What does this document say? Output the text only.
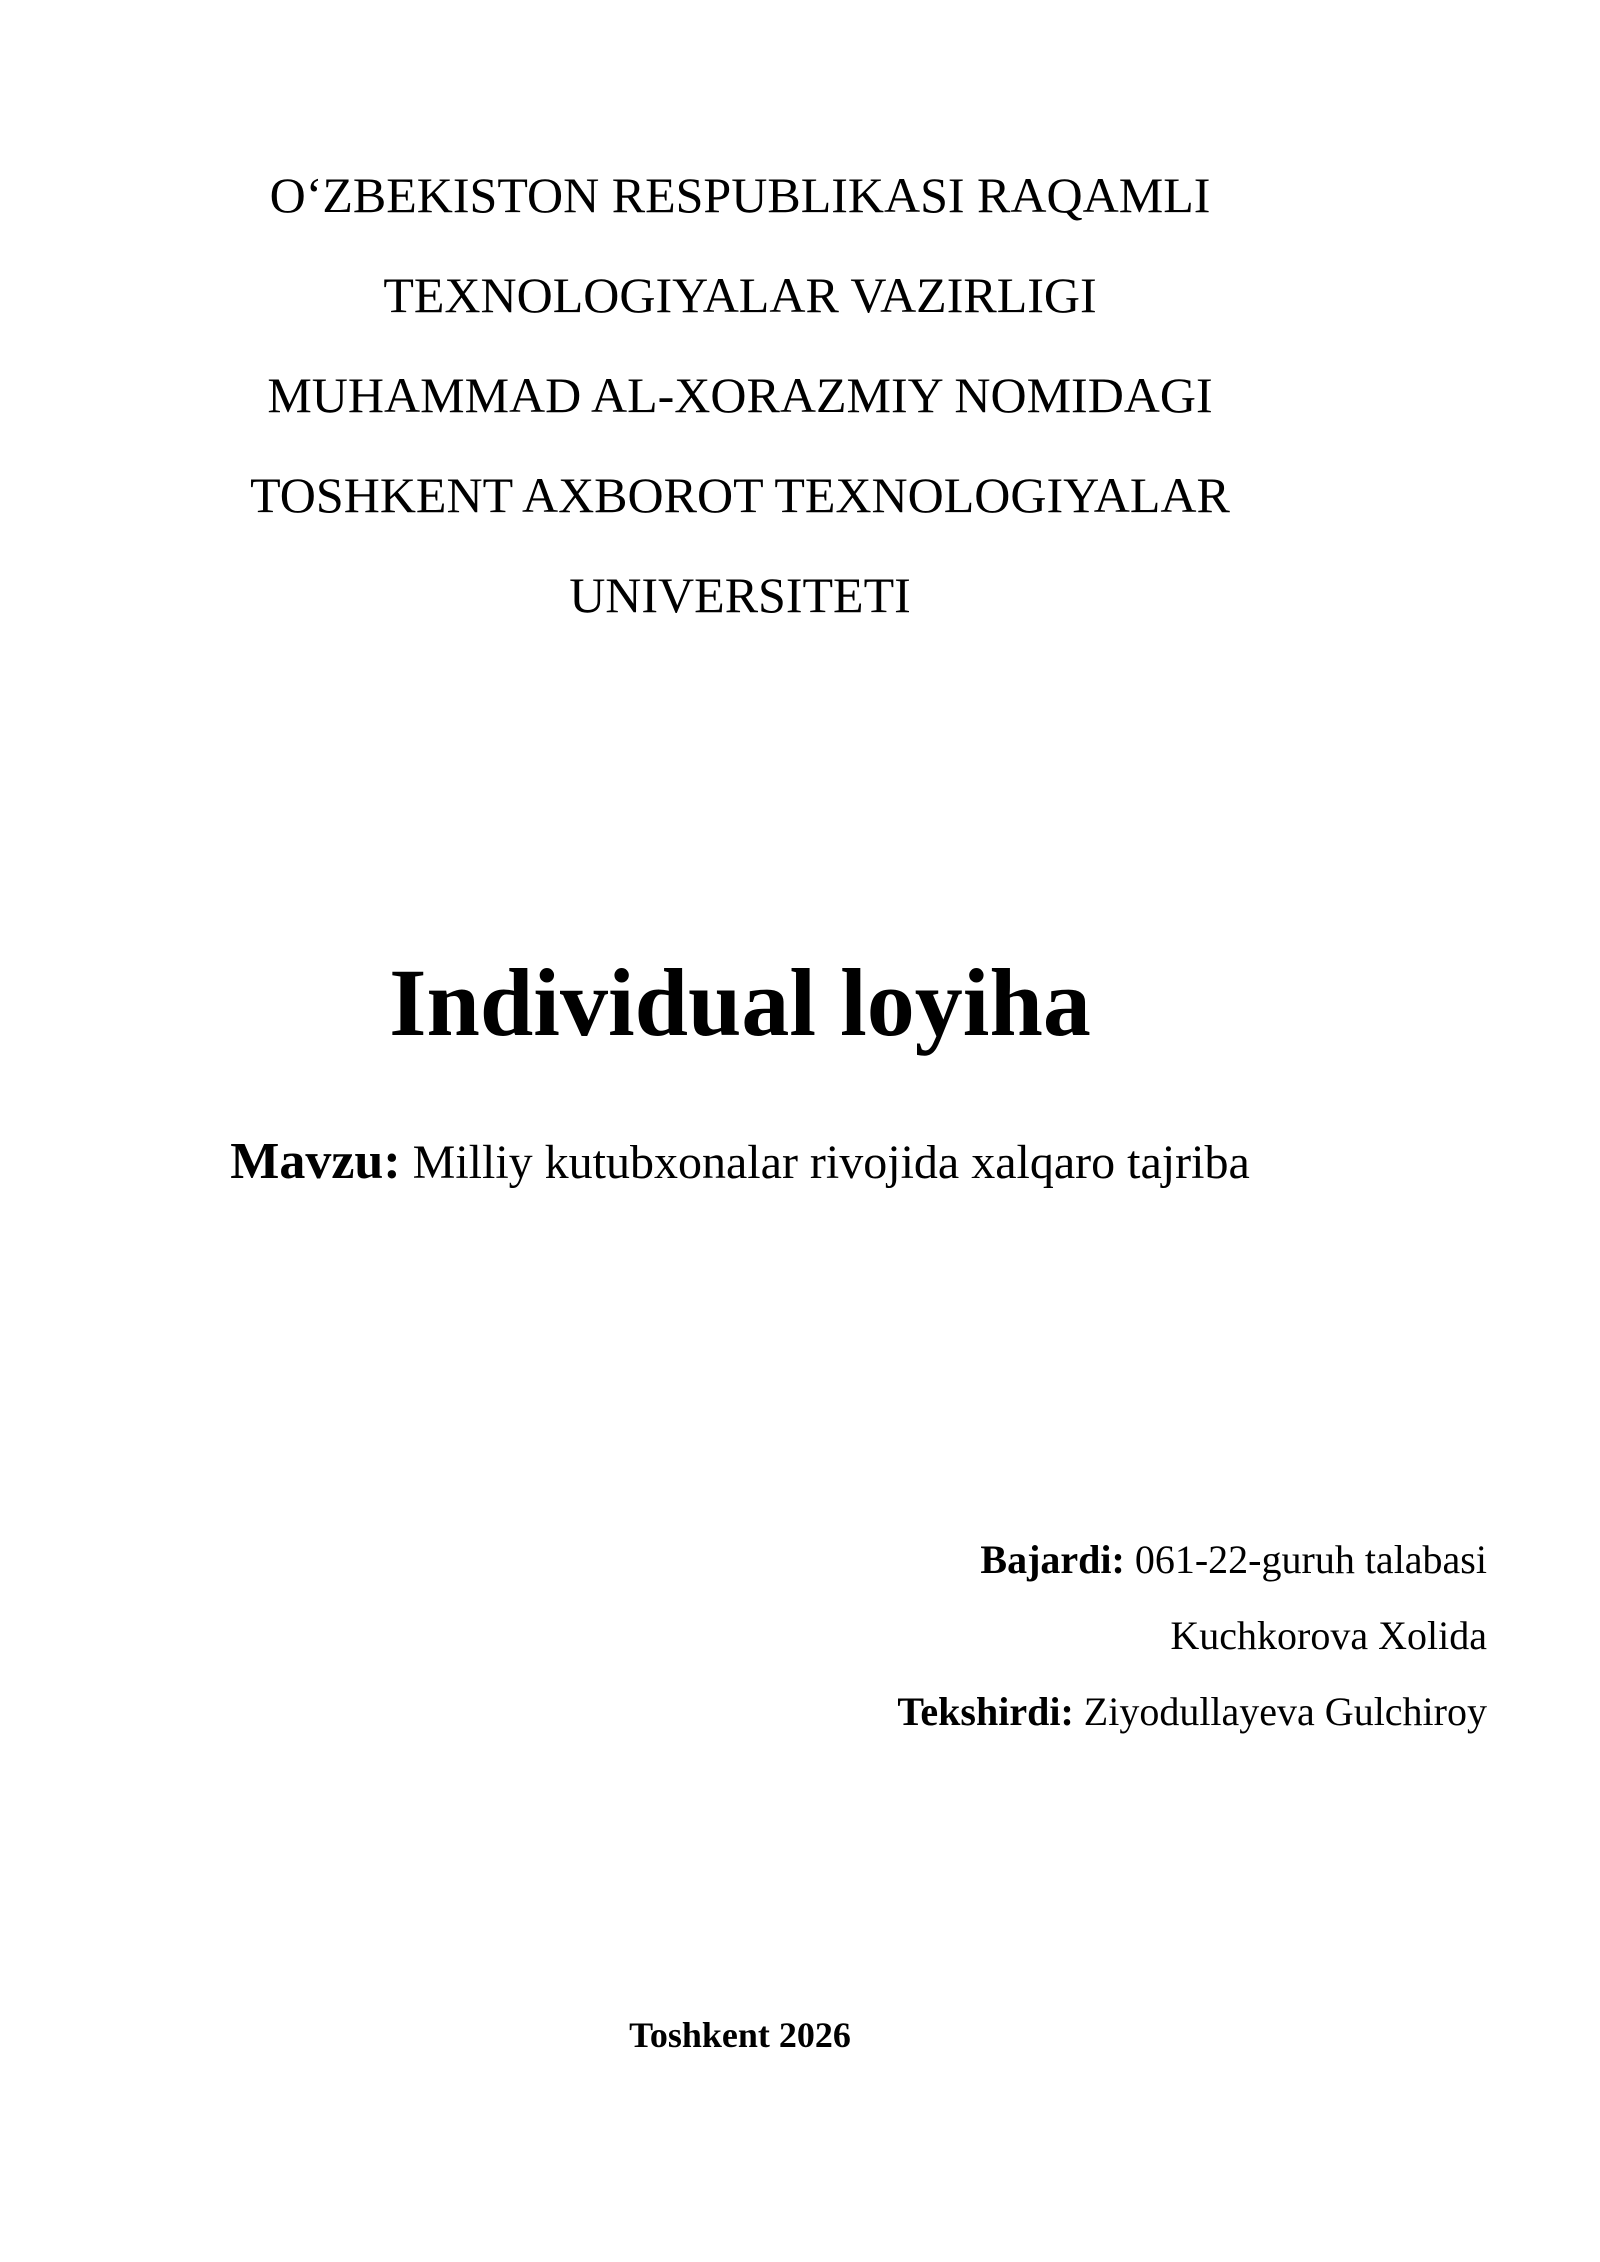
O‘ZBEKISTON RESPUBLIKASI RAQAMLI
TEXNOLOGIYALAR VAZIRLIGI
MUHAMMAD AL-XORAZMIY NOMIDAGI
TOSHKENT AXBOROT TEXNOLOGIYALAR
UNIVERSITETI
Individual loyiha
Mavzu: Milliy kutubxonalar rivojida xalqaro tajriba
Bajardi: 061-22-guruh talabasi
Kuchkorova Xolida
Tekshirdi: Ziyodullayeva Gulchiroy
Toshkent 2026
